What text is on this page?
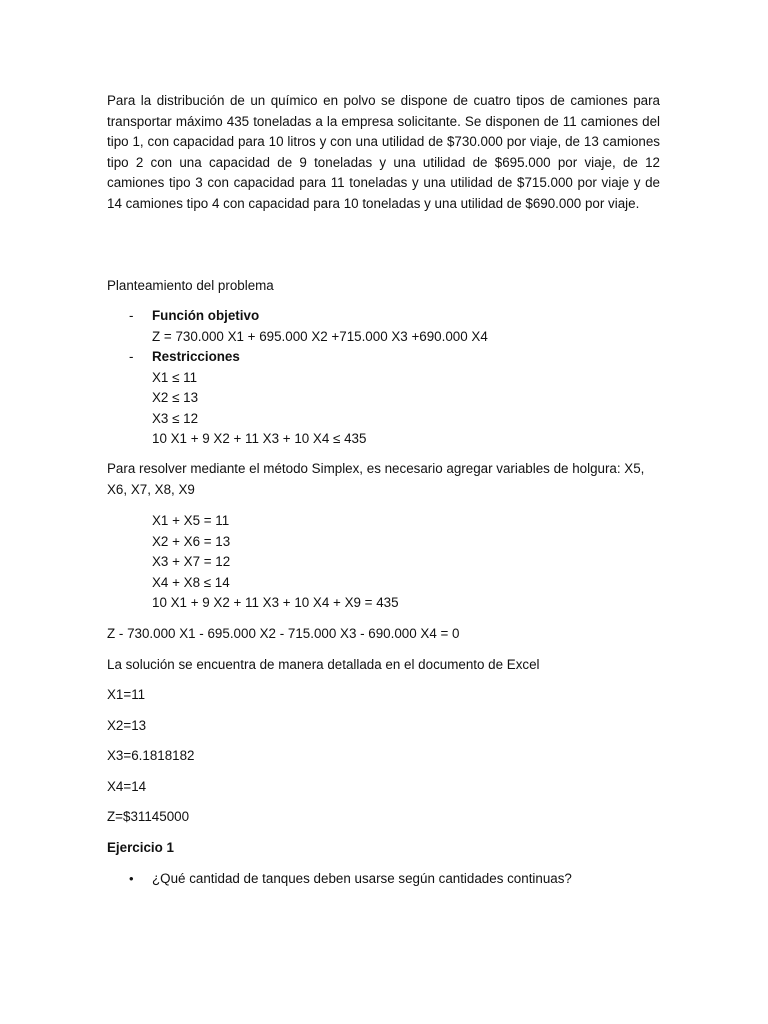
Para la distribución de un químico en polvo se dispone de cuatro tipos de camiones para transportar máximo 435 toneladas a la empresa solicitante. Se disponen de 11 camiones del tipo 1, con capacidad para 10 litros y con una utilidad de $730.000 por viaje, de 13 camiones tipo 2 con una capacidad de 9 toneladas y una utilidad de $695.000 por viaje, de 12 camiones tipo 3 con capacidad para 11 toneladas y una utilidad de $715.000 por viaje y de 14 camiones tipo 4 con capacidad para 10 toneladas y una utilidad de $690.000 por viaje.

Planteamiento del problema
- Función objetivo
Z = 730.000 X1 + 695.000 X2 +715.000 X3 +690.000 X4
- Restricciones
X1 ≤ 11
X2 ≤ 13
X3 ≤ 12
10 X1 + 9 X2 + 11 X3 + 10 X4 ≤ 435

Para resolver mediante el método Simplex, es necesario agregar variables de holgura: X5, X6, X7, X8, X9

X1 + X5 = 11
X2 + X6 = 13
X3 + X7 = 12
X4 + X8 ≤ 14
10 X1 + 9 X2 + 11 X3 + 10 X4 + X9 = 435
Z - 730.000 X1 - 695.000 X2 - 715.000 X3 - 690.000 X4 = 0
La solución se encuentra de manera detallada en el documento de Excel
X1=11
X2=13
X3=6.1818182
X4=14
Z=$31145000
Ejercicio 1
• ¿Qué cantidad de tanques deben usarse según cantidades continuas?
